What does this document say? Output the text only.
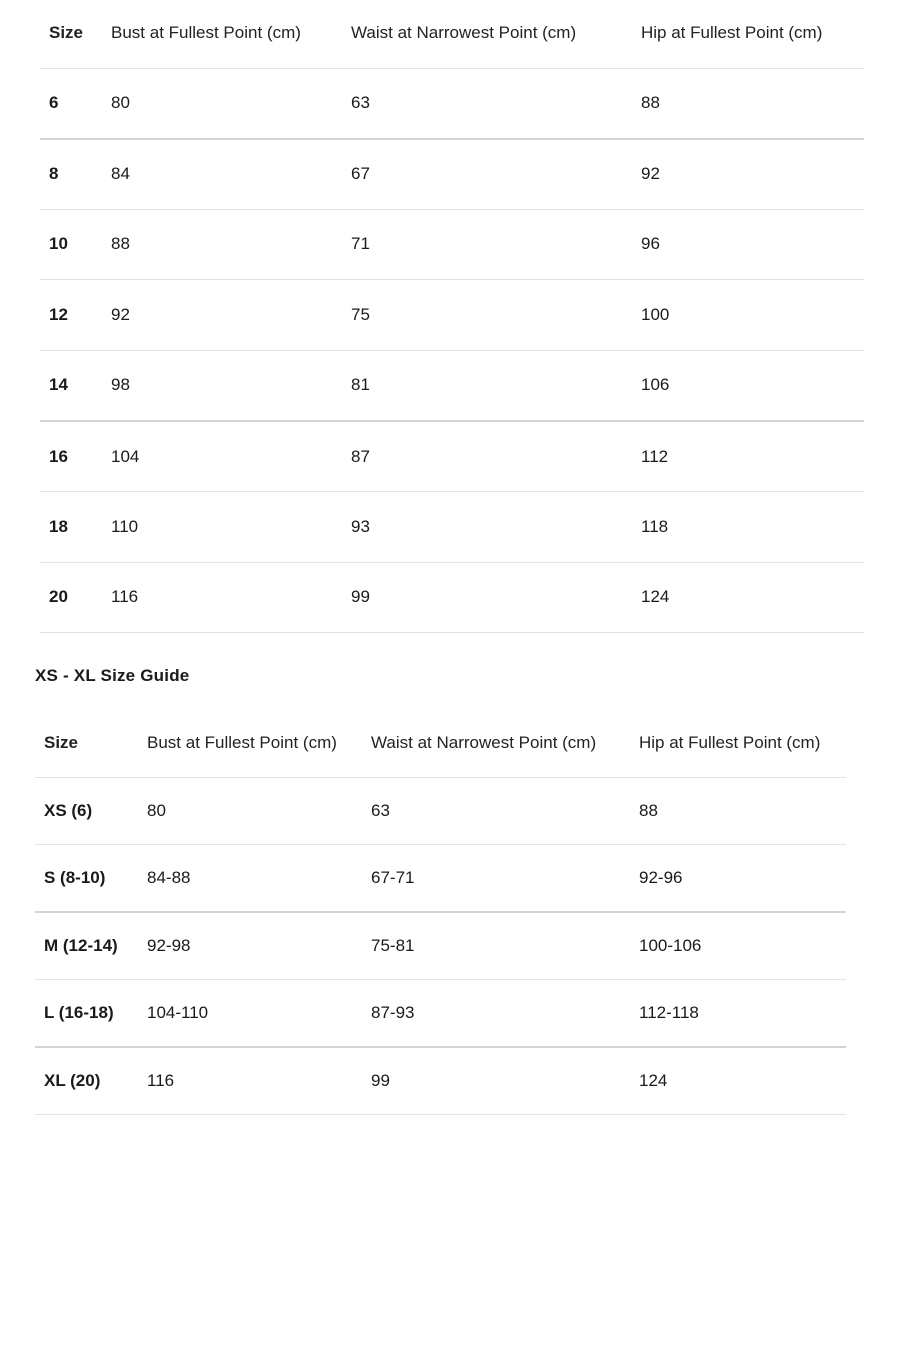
Size	Bust at Fullest Point (cm)	Waist at Narrowest Point (cm)	Hip at Fullest Point (cm)
6	80	63	88
8	84	67	92
10	88	71	96
12	92	75	100
14	98	81	106
16	104	87	112
18	110	93	118
20	116	99	124
XS - XL Size Guide
Size	Bust at Fullest Point (cm)	Waist at Narrowest Point (cm)	Hip at Fullest Point (cm)
XS (6)	80	63	88
S (8-10)	84-88	67-71	92-96
M (12-14)	92-98	75-81	100-106
L (16-18)	104-110	87-93	112-118
XL (20)	116	99	124
